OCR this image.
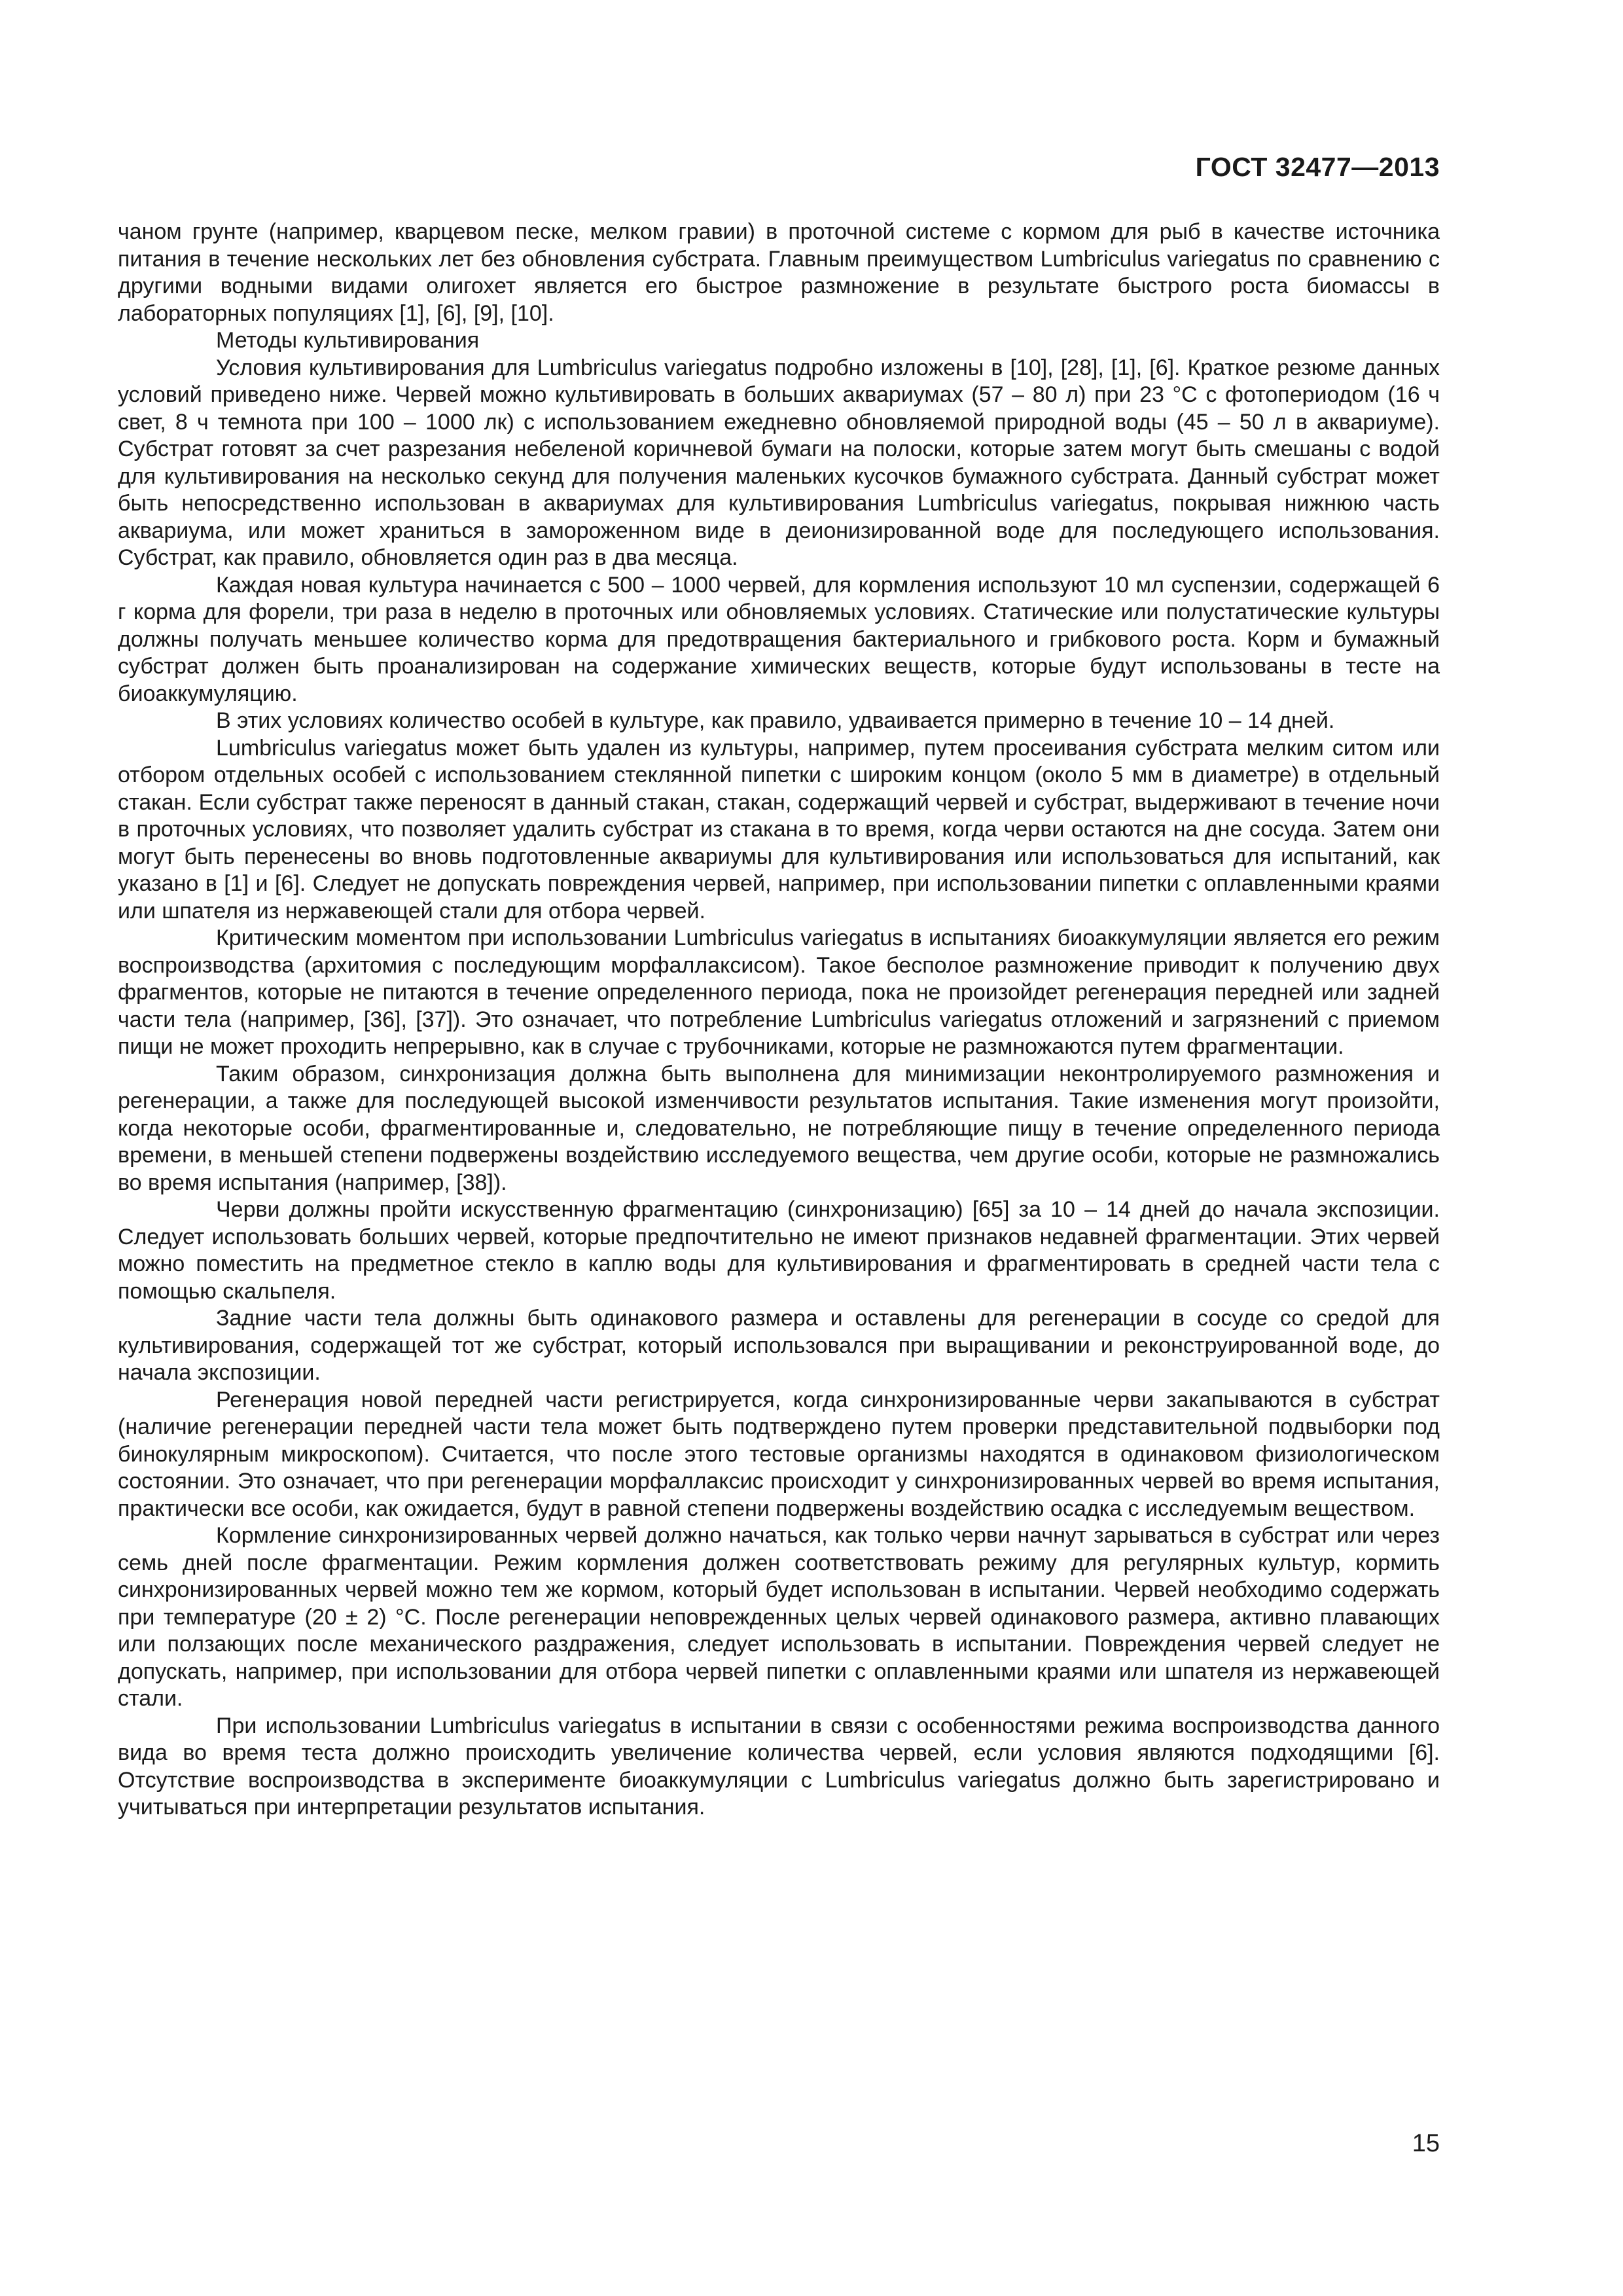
ГОСТ 32477—2013

чаном грунте (например, кварцевом песке, мелком гравии) в проточной системе с кормом для рыб в качестве источника питания в течение нескольких лет без обновления субстрата. Главным преимуществом Lumbriculus variegatus по сравнению с другими водными видами олигохет является его быстрое размножение в результате быстрого роста биомассы в лабораторных популяциях [1], [6], [9], [10].

Методы культивирования

Условия культивирования для Lumbriculus variegatus подробно изложены в [10], [28], [1], [6]. Краткое резюме данных условий приведено ниже. Червей можно культивировать в больших аквариумах (57 – 80 л) при 23 °С с фотопериодом (16 ч свет, 8 ч темнота при 100 – 1000 лк) с использованием ежедневно обновляемой природной воды (45 – 50 л в аквариуме). Субстрат готовят за счет разрезания небеленой коричневой бумаги на полоски, которые затем могут быть смешаны с водой для культивирования на несколько секунд для получения маленьких кусочков бумажного субстрата. Данный субстрат может быть непосредственно использован в аквариумах для культивирования Lumbriculus variegatus, покрывая нижнюю часть аквариума, или может храниться в замороженном виде в деионизированной воде для последующего использования. Субстрат, как правило, обновляется один раз в два месяца.

Каждая новая культура начинается с 500 – 1000 червей, для кормления используют 10 мл суспензии, содержащей 6 г корма для форели, три раза в неделю в проточных или обновляемых условиях. Статические или полустатические культуры должны получать меньшее количество корма для предотвращения бактериального и грибкового роста. Корм и бумажный субстрат должен быть проанализирован на содержание химических веществ, которые будут использованы в тесте на биоаккумуляцию.

В этих условиях количество особей в культуре, как правило, удваивается примерно в течение 10 – 14 дней.

Lumbriculus variegatus может быть удален из культуры, например, путем просеивания субстрата мелким ситом или отбором отдельных особей с использованием стеклянной пипетки с широким концом (около 5 мм в диаметре) в отдельный стакан. Если субстрат также переносят в данный стакан, стакан, содержащий червей и субстрат, выдерживают в течение ночи в проточных условиях, что позволяет удалить субстрат из стакана в то время, когда черви остаются на дне сосуда. Затем они могут быть перенесены во вновь подготовленные аквариумы для культивирования или использоваться для испытаний, как указано в [1] и [6]. Следует не допускать повреждения червей, например, при использовании пипетки с оплавленными краями или шпателя из нержавеющей стали для отбора червей.

Критическим моментом при использовании Lumbriculus variegatus в испытаниях биоаккумуляции является его режим воспроизводства (архитомия с последующим морфаллаксисом). Такое бесполое размножение приводит к получению двух фрагментов, которые не питаются в течение определенного периода, пока не произойдет регенерация передней или задней части тела (например, [36], [37]). Это означает, что потребление Lumbriculus variegatus отложений и загрязнений с приемом пищи не может проходить непрерывно, как в случае с трубочниками, которые не размножаются путем фрагментации.

Таким образом, синхронизация должна быть выполнена для минимизации неконтролируемого размножения и регенерации, а также для последующей высокой изменчивости результатов испытания. Такие изменения могут произойти, когда некоторые особи, фрагментированные и, следовательно, не потребляющие пищу в течение определенного периода времени, в меньшей степени подвержены воздействию исследуемого вещества, чем другие особи, которые не размножались во время испытания (например, [38]).

Черви должны пройти искусственную фрагментацию (синхронизацию) [65] за 10 – 14 дней до начала экспозиции. Следует использовать больших червей, которые предпочтительно не имеют признаков недавней фрагментации. Этих червей можно поместить на предметное стекло в каплю воды для культивирования и фрагментировать в средней части тела с помощью скальпеля.

Задние части тела должны быть одинакового размера и оставлены для регенерации в сосуде со средой для культивирования, содержащей тот же субстрат, который использовался при выращивании и реконструированной воде, до начала экспозиции.

Регенерация новой передней части регистрируется, когда синхронизированные черви закапываются в субстрат (наличие регенерации передней части тела может быть подтверждено путем проверки представительной подвыборки под бинокулярным микроскопом). Считается, что после этого тестовые организмы находятся в одинаковом физиологическом состоянии. Это означает, что при регенерации морфаллаксис происходит у синхронизированных червей во время испытания, практически все особи, как ожидается, будут в равной степени подвержены воздействию осадка с исследуемым веществом.

Кормление синхронизированных червей должно начаться, как только черви начнут зарываться в субстрат или через семь дней после фрагментации. Режим кормления должен соответствовать режиму для регулярных культур, кормить синхронизированных червей можно тем же кормом, который будет использован в испытании. Червей необходимо содержать при температуре (20 ± 2) °С. После регенерации неповрежденных целых червей одинакового размера, активно плавающих или ползающих после механического раздражения, следует использовать в испытании. Повреждения червей следует не допускать, например, при использовании для отбора червей пипетки с оплавленными краями или шпателя из нержавеющей стали.

При использовании Lumbriculus variegatus в испытании в связи с особенностями режима воспроизводства данного вида во время теста должно происходить увеличение количества червей, если условия являются подходящими [6]. Отсутствие воспроизводства в эксперименте биоаккумуляции с Lumbriculus variegatus должно быть зарегистрировано и учитываться при интерпретации результатов испытания.

15
